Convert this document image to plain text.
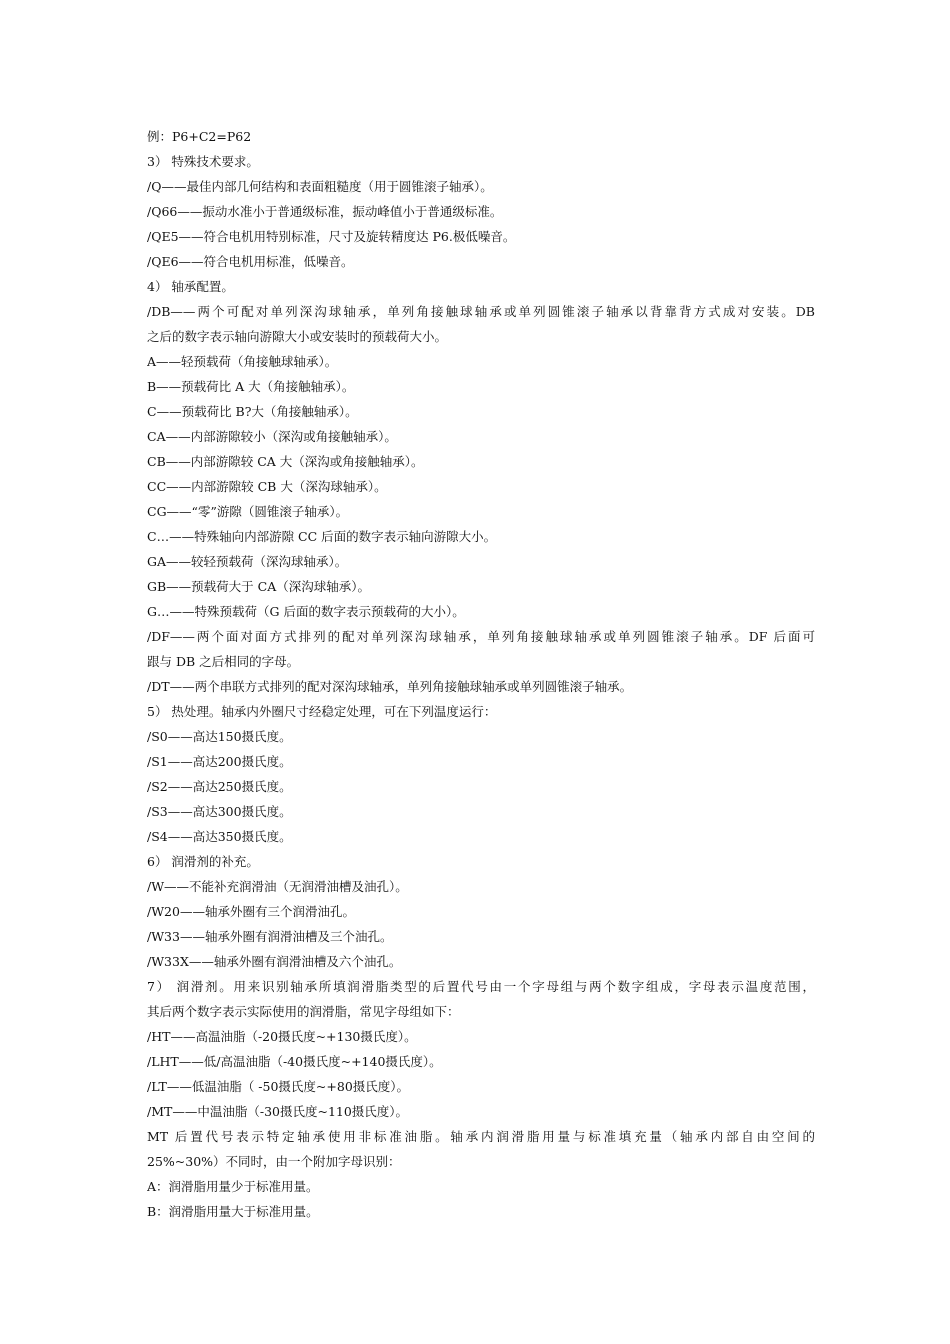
例：P6+C2=P62
3） 特殊技术要求。
/Q——最佳内部几何结构和表面粗糙度（用于圆锥滚子轴承）。
/Q66——振动水准小于普通级标准，振动峰值小于普通级标准。
/QE5——符合电机用特别标准，尺寸及旋转精度达 P6.极低噪音。
/QE6——符合电机用标准，低噪音。
4） 轴承配置。
/DB——两个可配对单列深沟球轴承，单列角接触球轴承或单列圆锥滚子轴承以背靠背方式成对安装。DB
之后的数字表示轴向游隙大小或安装时的预载荷大小。
A——轻预载荷（角接触球轴承）。
B——预载荷比 A 大（角接触轴承）。
C——预载荷比 B?大（角接触轴承）。
CA——内部游隙较小（深沟或角接触轴承）。
CB——内部游隙较 CA 大（深沟或角接触轴承）。
CC——内部游隙较 CB 大（深沟球轴承）。
CG——“零”游隙（圆锥滚子轴承）。
C…——特殊轴向内部游隙 CC 后面的数字表示轴向游隙大小。
GA——较轻预载荷（深沟球轴承）。
GB——预载荷大于 CA（深沟球轴承）。
G…——特殊预载荷（G 后面的数字表示预载荷的大小）。
/DF——两个面对面方式排列的配对单列深沟球轴承，单列角接触球轴承或单列圆锥滚子轴承。DF 后面可
跟与 DB 之后相同的字母。
/DT——两个串联方式排列的配对深沟球轴承，单列角接触球轴承或单列圆锥滚子轴承。
5） 热处理。轴承内外圈尺寸经稳定处理，可在下列温度运行：
/S0——高达150摄氏度。
/S1——高达200摄氏度。
/S2——高达250摄氏度。
/S3——高达300摄氏度。
/S4——高达350摄氏度。
6） 润滑剂的补充。
/W——不能补充润滑油（无润滑油槽及油孔）。
/W20——轴承外圈有三个润滑油孔。
/W33——轴承外圈有润滑油槽及三个油孔。
/W33X——轴承外圈有润滑油槽及六个油孔。
7） 润滑剂。用来识别轴承所填润滑脂类型的后置代号由一个字母组与两个数字组成，字母表示温度范围，
其后两个数字表示实际使用的润滑脂，常见字母组如下：
/HT——高温油脂（-20摄氏度~+130摄氏度）。
/LHT——低/高温油脂（-40摄氏度~+140摄氏度）。
/LT——低温油脂（ -50摄氏度~+80摄氏度）。
/MT——中温油脂（-30摄氏度~110摄氏度）。
MT 后置代号表示特定轴承使用非标准油脂。轴承内润滑脂用量与标准填充量（轴承内部自由空间的
25%~30%）不同时，由一个附加字母识别：
A：润滑脂用量少于标准用量。
B：润滑脂用量大于标准用量。
